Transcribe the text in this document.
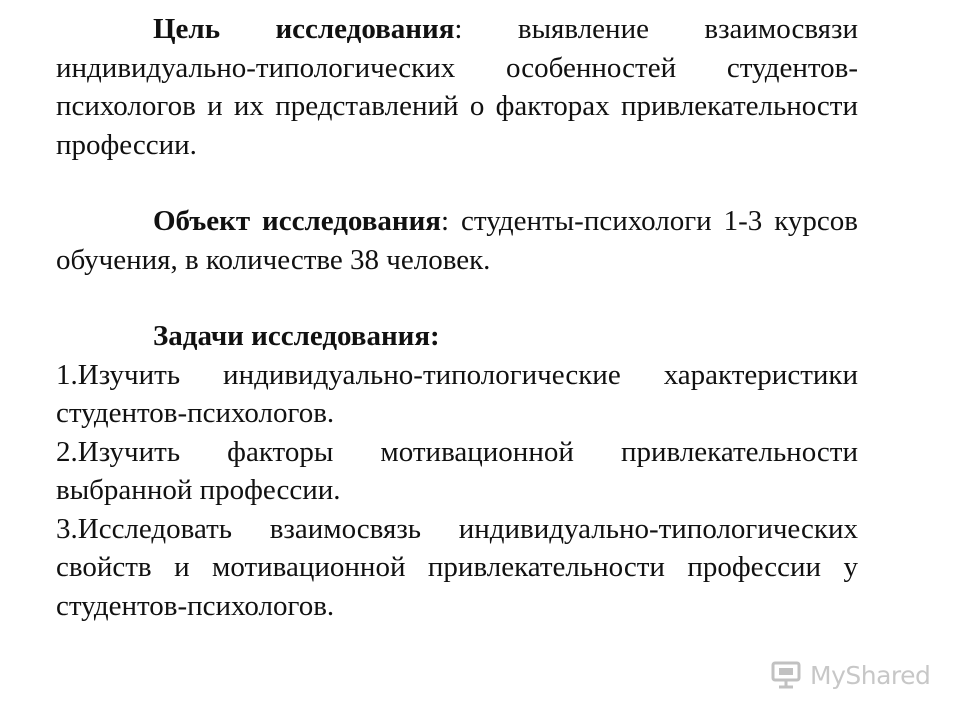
Цель исследования: выявление взаимосвязи индивидуально-типологических особенностей студентов-психологов и их представлений о факторах привлекательности профессии.

Объект исследования: студенты-психологи 1-3 курсов обучения, в количестве 38 человек.

Задачи исследования:

1.Изучить индивидуально-типологические характеристики студентов-психологов.
2.Изучить факторы мотивационной привлекательности выбранной профессии.
3.Исследовать взаимосвязь индивидуально-типологических свойств и мотивационной привлекательности профессии у студентов-психологов.
MyShared
